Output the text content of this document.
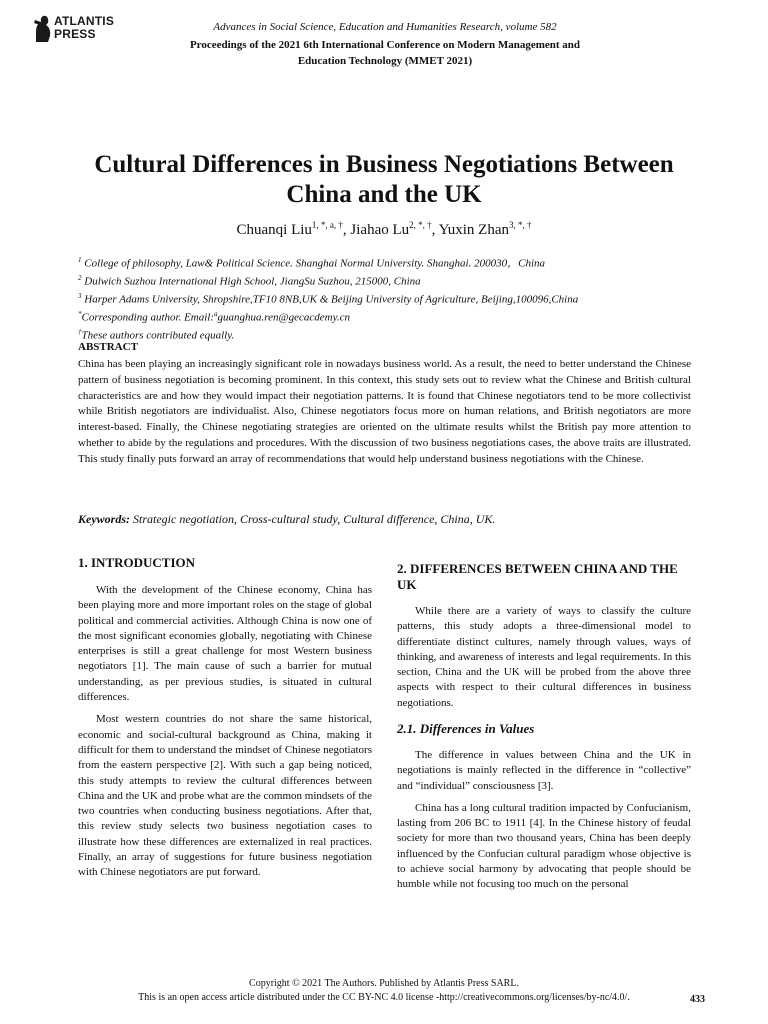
ATLANTIS
PRESS	Advances in Social Science, Education and Humanities Research, volume 582
Proceedings of the 2021 6th International Conference on Modern Management and
Education Technology (MMET 2021)
Cultural Differences in Business Negotiations Between
China and the UK
Chuanqi Liu$^{1, *, a, \dagger}$, Jiahao $Lu^{2, *, \dagger}$, Yuxin Zhan$^{3, *, \dagger}$
$^1$ College of philosophy, Law& Political Science. Shanghai Normal University. Shanghai. 200030，China
$^2$ Dulwich Suzhou International High School, JiangSu Suzhou, 215000, China
$^3$ Harper Adams University, Shropshire,TF10 8NB,UK & Beijing University of Agriculture, Beijing,100096,China
*Corresponding author. Email:$^a$guanghua.ren@gecacdemy.cn
†These authors contributed equally.
ABSTRACT
China has been playing an increasingly significant role in nowadays business world. As a result, the need to better understand the Chinese pattern of business negotiation is becoming prominent. In this context, this study sets out to review what the Chinese and British cultural characteristics are and how they would impact their negotiation patterns. It is found that Chinese negotiators tend to be more collectivist while British negotiators are individualist. Also, Chinese negotiators focus more on human relations, and British negotiators are more interest-based. Finally, the Chinese negotiating strategies are oriented on the ultimate results whilst the British pay more attention to whether to abide by the regulations and procedures. With the discussion of two business negotiations cases, the above traits are illustrated. This study finally puts forward an array of recommendations that would help understand business negotiations with the Chinese.
Keywords: Strategic negotiation, Cross-cultural study, Cultural difference, China, UK.
1. INTRODUCTION

With the development of the Chinese economy, China has been playing more and more important roles on the stage of global political and commercial activities. Although China is now one of the most significant economies globally, negotiating with Chinese enterprises is still a great challenge for most Western business negotiators [1]. The main cause of such a barrier for mutual understanding, as per previous studies, is situated in cultural differences.

Most western countries do not share the same historical, economic and social-cultural background as China, making it difficult for them to understand the mindset of Chinese negotiators from the eastern perspective [2]. With such a gap being noticed, this study attempts to review the cultural differences between China and the UK and probe what are the common mindsets of the two countries when conducting business negotiations. After that, this review study selects two business negotiation cases to illustrate how these differences are externalized in real practices. Finally, an array of suggestions for future business negotiation with Chinese negotiators are put forward.

2. DIFFERENCES BETWEEN CHINA AND THE UK

While there are a variety of ways to classify the culture patterns, this study adopts a three-dimensional model to differentiate distinct cultures, namely through values, ways of thinking, and awareness of interests and legal requirements. In this section, China and the UK will be probed from the above three aspects with respect to their cultural differences in business negotiations.

2.1. Differences in Values

The difference in values between China and the UK in negotiations is mainly reflected in the difference in “collective” and “individual” consciousness [3].

China has a long cultural tradition impacted by Confucianism, lasting from 206 BC to 1911 [4]. In the Chinese history of feudal society for more than two thousand years, China has been deeply influenced by the Confucian cultural paradigm whose objective is to achieve social harmony by advocating that people should be humble while not focusing too much on the personal

Copyright © 2021 The Authors. Published by Atlantis Press SARL.
This is an open access article distributed under the CC BY-NC 4.0 license -http://creativecommons.org/licenses/by-nc/4.0/.	433
